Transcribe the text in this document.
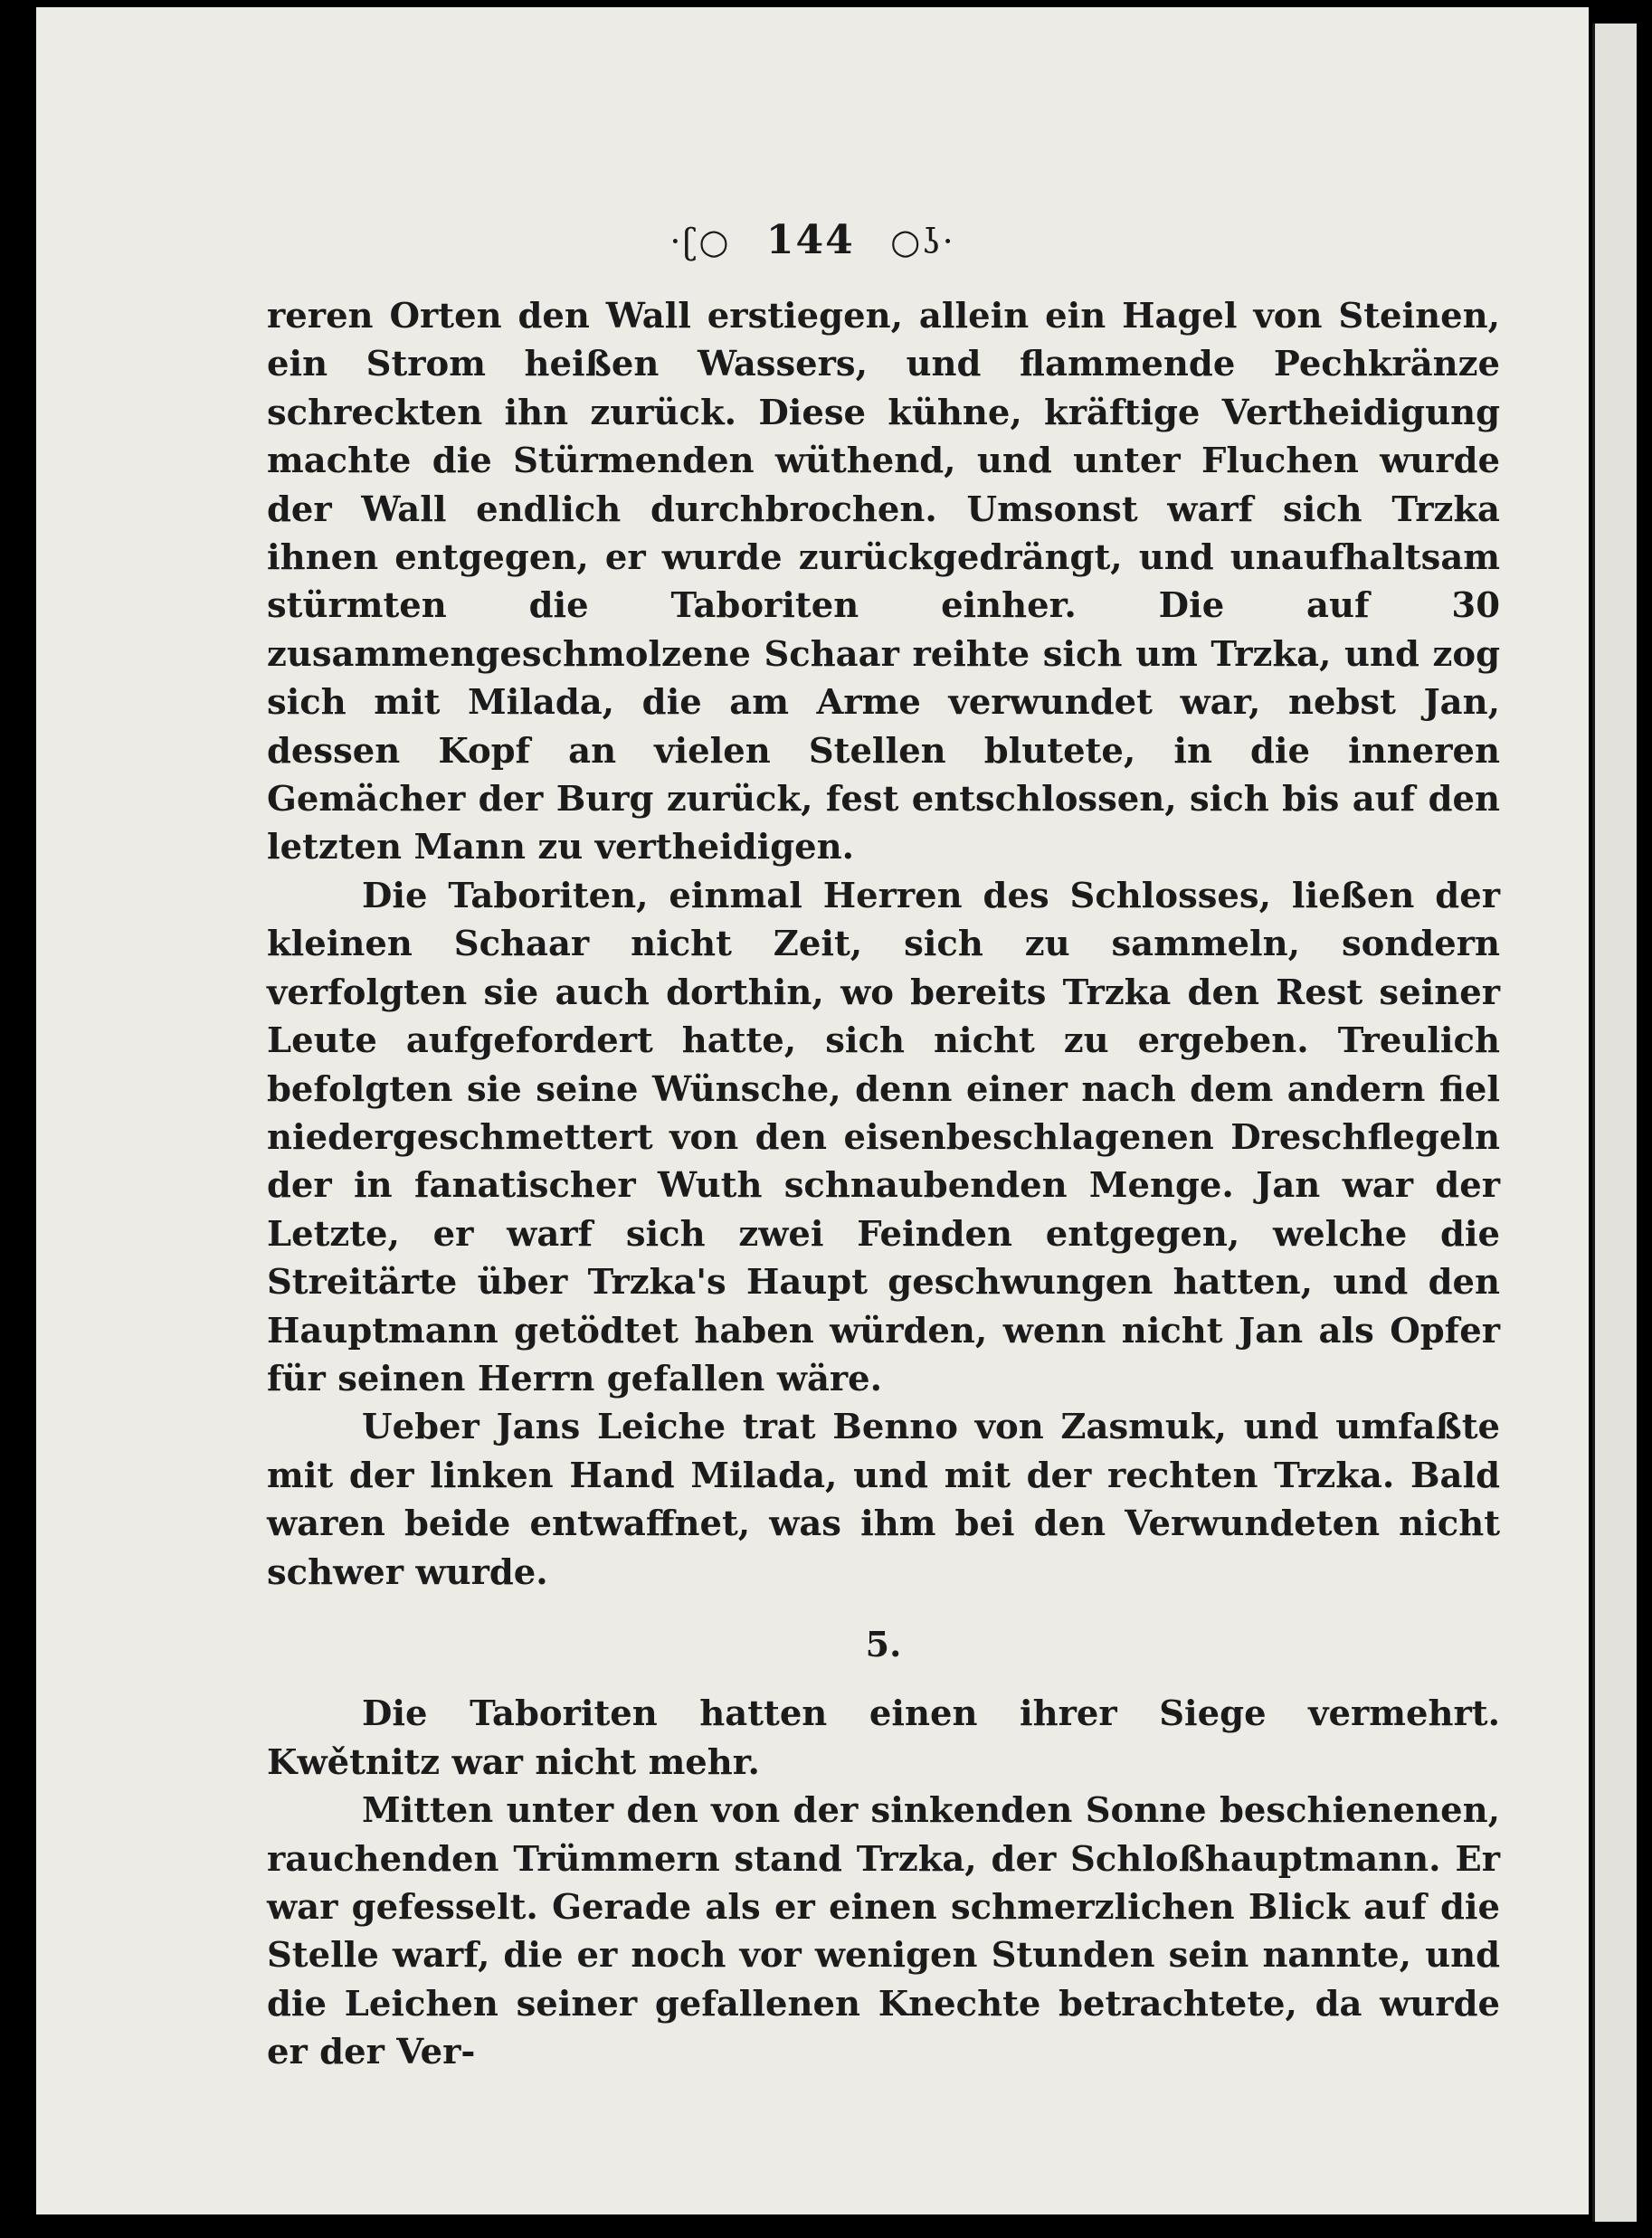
·ʗ○ 144 ○ʖ·

reren Orten den Wall erstiegen, allein ein Hagel von Steinen, ein Strom heißen Wassers, und flammende Pechkränze schreckten ihn zurück. Diese kühne, kräftige Vertheidigung machte die Stürmenden wüthend, und unter Fluchen wurde der Wall endlich durchbrochen. Umsonst warf sich Trzka ihnen entgegen, er wurde zurückgedrängt, und unaufhaltsam stürmten die Taboriten einher. Die auf 30 zusammengeschmolzene Schaar reihte sich um Trzka, und zog sich mit Milada, die am Arme verwundet war, nebst Jan, dessen Kopf an vielen Stellen blutete, in die inneren Gemächer der Burg zurück, fest entschlossen, sich bis auf den letzten Mann zu vertheidigen.

Die Taboriten, einmal Herren des Schlosses, ließen der kleinen Schaar nicht Zeit, sich zu sammeln, sondern verfolgten sie auch dorthin, wo bereits Trzka den Rest seiner Leute aufgefordert hatte, sich nicht zu ergeben. Treulich befolgten sie seine Wünsche, denn einer nach dem andern fiel niedergeschmettert von den eisenbeschlagenen Dreschflegeln der in fanatischer Wuth schnaubenden Menge. Jan war der Letzte, er warf sich zwei Feinden entgegen, welche die Streitärte über Trzka's Haupt geschwungen hatten, und den Hauptmann getödtet haben würden, wenn nicht Jan als Opfer für seinen Herrn gefallen wäre.

Ueber Jans Leiche trat Benno von Zasmuk, und umfaßte mit der linken Hand Milada, und mit der rechten Trzka. Bald waren beide entwaffnet, was ihm bei den Verwundeten nicht schwer wurde.

5.

Die Taboriten hatten einen ihrer Siege vermehrt. Kwětnitz war nicht mehr.

Mitten unter den von der sinkenden Sonne beschienenen, rauchenden Trümmern stand Trzka, der Schloßhauptmann. Er war gefesselt. Gerade als er einen schmerzlichen Blick auf die Stelle warf, die er noch vor wenigen Stunden sein nannte, und die Leichen seiner gefallenen Knechte betrachtete, da wurde er der Ver-
